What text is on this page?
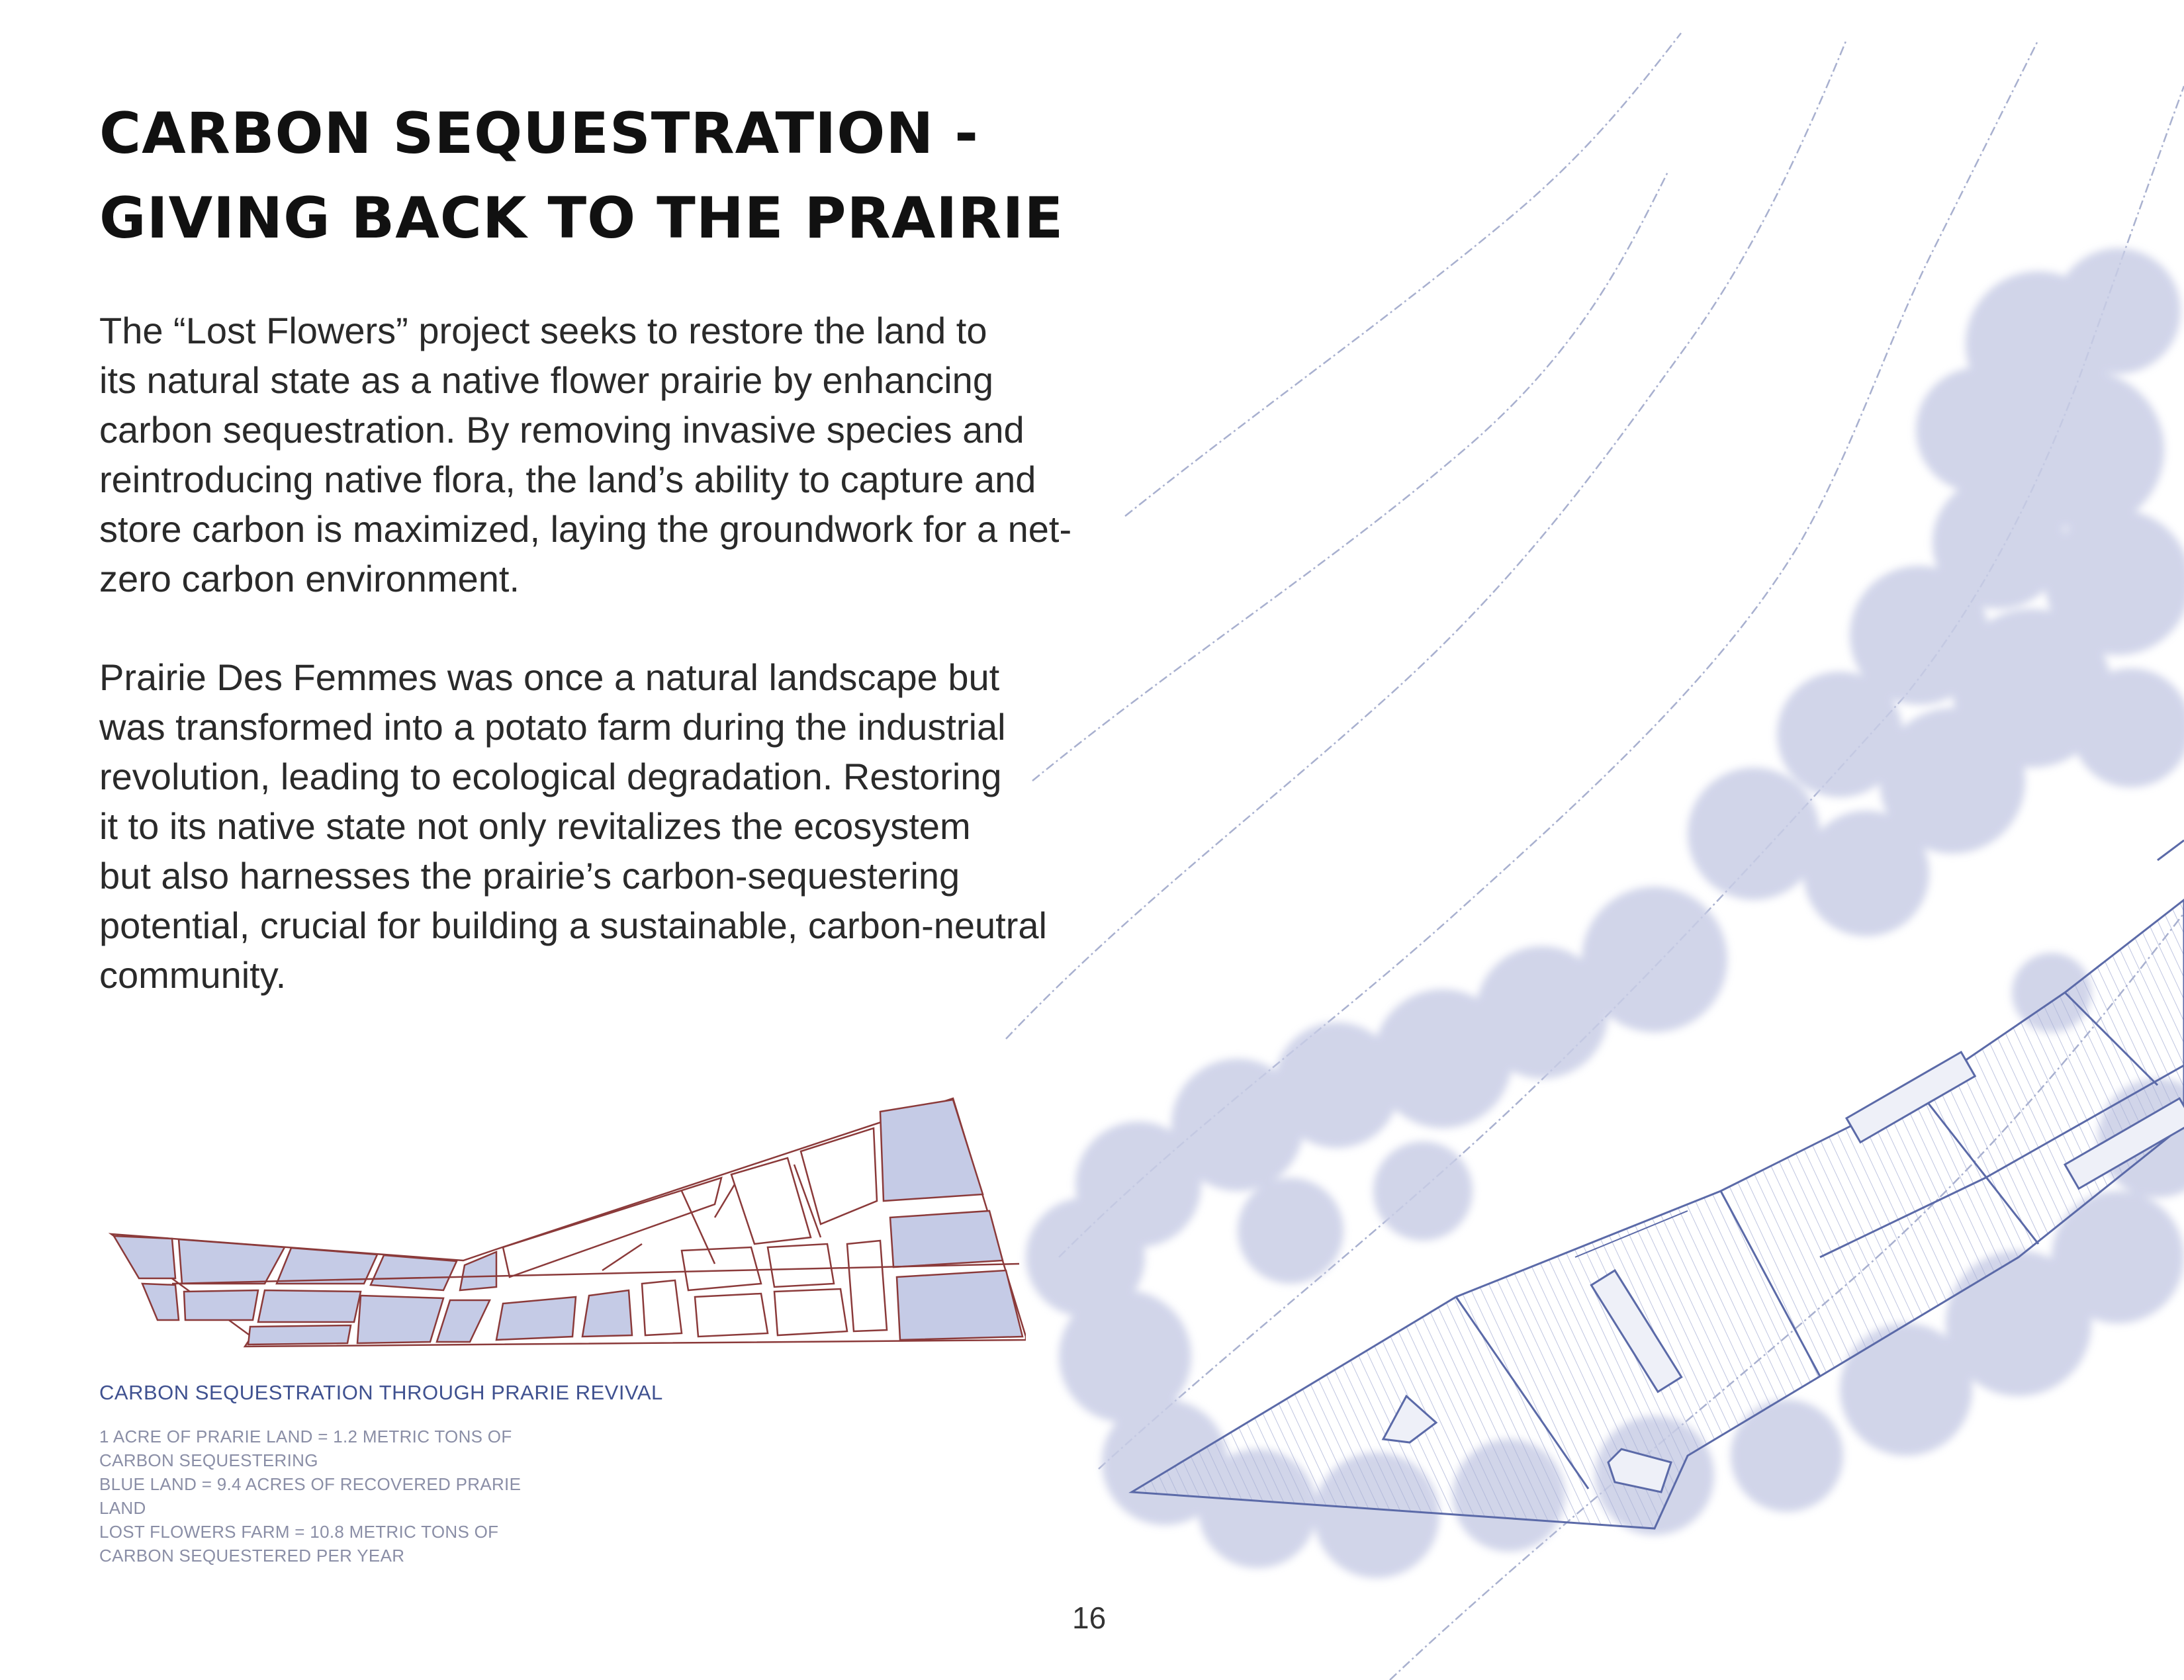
CARBON SEQUESTRATION -
GIVING BACK TO THE PRAIRIE

The “Lost Flowers” project seeks to restore the land to
its natural state as a native flower prairie by enhancing
carbon sequestration. By removing invasive species and
reintroducing native flora, the land’s ability to capture and
store carbon is maximized, laying the groundwork for a net-
zero carbon environment.

Prairie Des Femmes was once a natural landscape but
was transformed into a potato farm during the industrial
revolution, leading to ecological degradation. Restoring
it to its native state not only revitalizes the ecosystem
but also harnesses the prairie’s carbon-sequestering
potential, crucial for building a sustainable, carbon-neutral
community.

CARBON SEQUESTRATION THROUGH PRARIE REVIVAL

1 ACRE OF PRARIE LAND = 1.2 METRIC TONS OF
CARBON SEQUESTERING
BLUE LAND = 9.4 ACRES OF RECOVERED PRARIE
LAND
LOST FLOWERS FARM = 10.8 METRIC TONS OF
CARBON SEQUESTERED PER YEAR

16
